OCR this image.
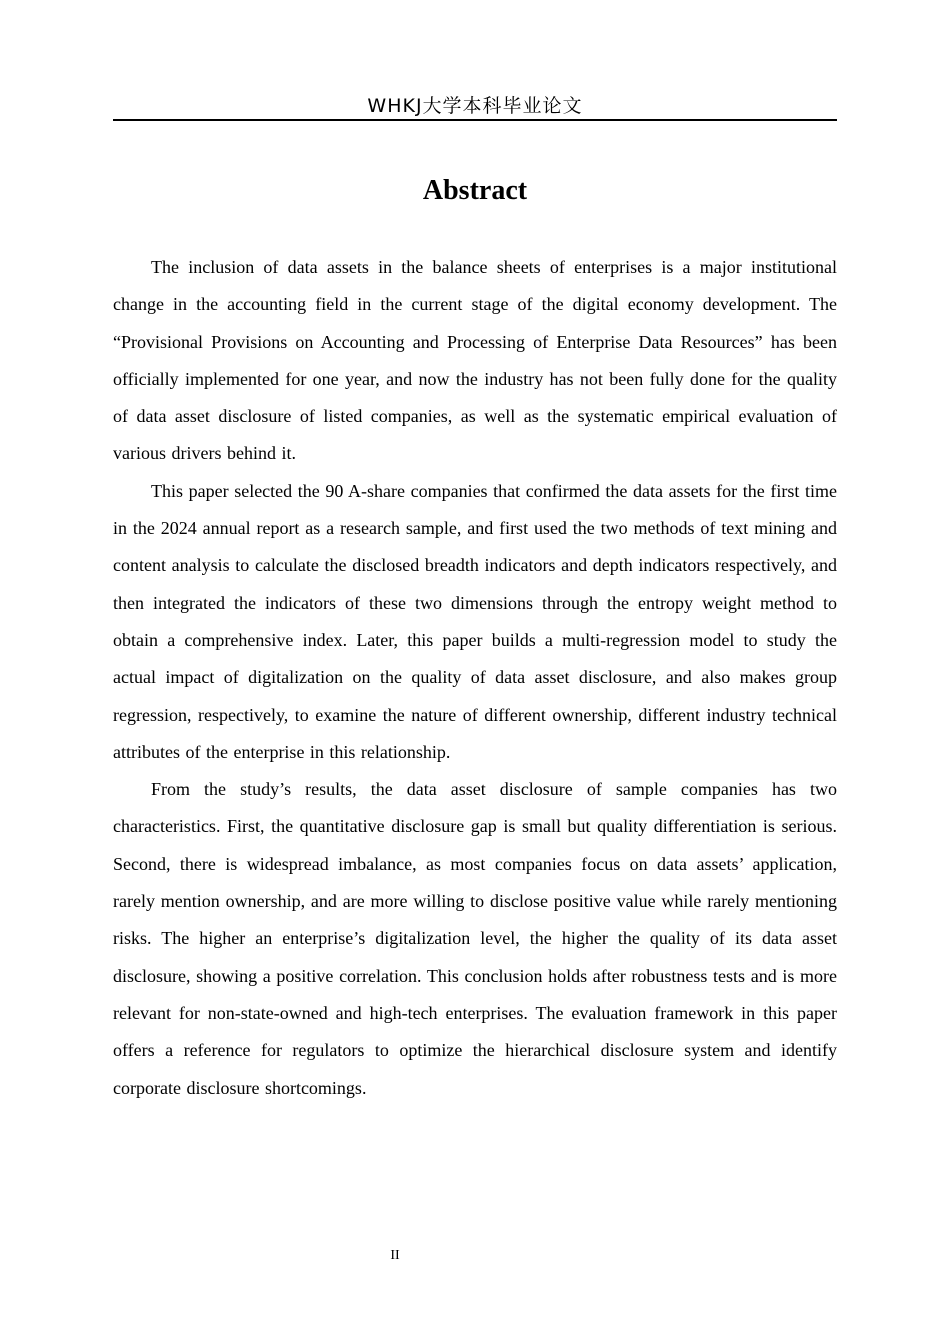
WHKJ大学本科毕业论文
Abstract

The inclusion of data assets in the balance sheets of enterprises is a major institutional change in the accounting field in the current stage of the digital economy development. The “Provisional Provisions on Accounting and Processing of Enterprise Data Resources” has been officially implemented for one year, and now the industry has not been fully done for the quality of data asset disclosure of listed companies, as well as the systematic empirical evaluation of various drivers behind it.

This paper selected the 90 A-share companies that confirmed the data assets for the first time in the 2024 annual report as a research sample, and first used the two methods of text mining and content analysis to calculate the disclosed breadth indicators and depth indicators respectively, and then integrated the indicators of these two dimensions through the entropy weight method to obtain a comprehensive index. Later, this paper builds a multi-regression model to study the actual impact of digitalization on the quality of data asset disclosure, and also makes group regression, respectively, to examine the nature of different ownership, different industry technical attributes of the enterprise in this relationship.

From the study’s results, the data asset disclosure of sample companies has two characteristics. First, the quantitative disclosure gap is small but quality differentiation is serious. Second, there is widespread imbalance, as most companies focus on data assets’ application, rarely mention ownership, and are more willing to disclose positive value while rarely mentioning risks. The higher an enterprise’s digitalization level, the higher the quality of its data asset disclosure, showing a positive correlation. This conclusion holds after robustness tests and is more relevant for non-state-owned and high-tech enterprises. The evaluation framework in this paper offers a reference for regulators to optimize the hierarchical disclosure system and identify corporate disclosure shortcomings.

II
